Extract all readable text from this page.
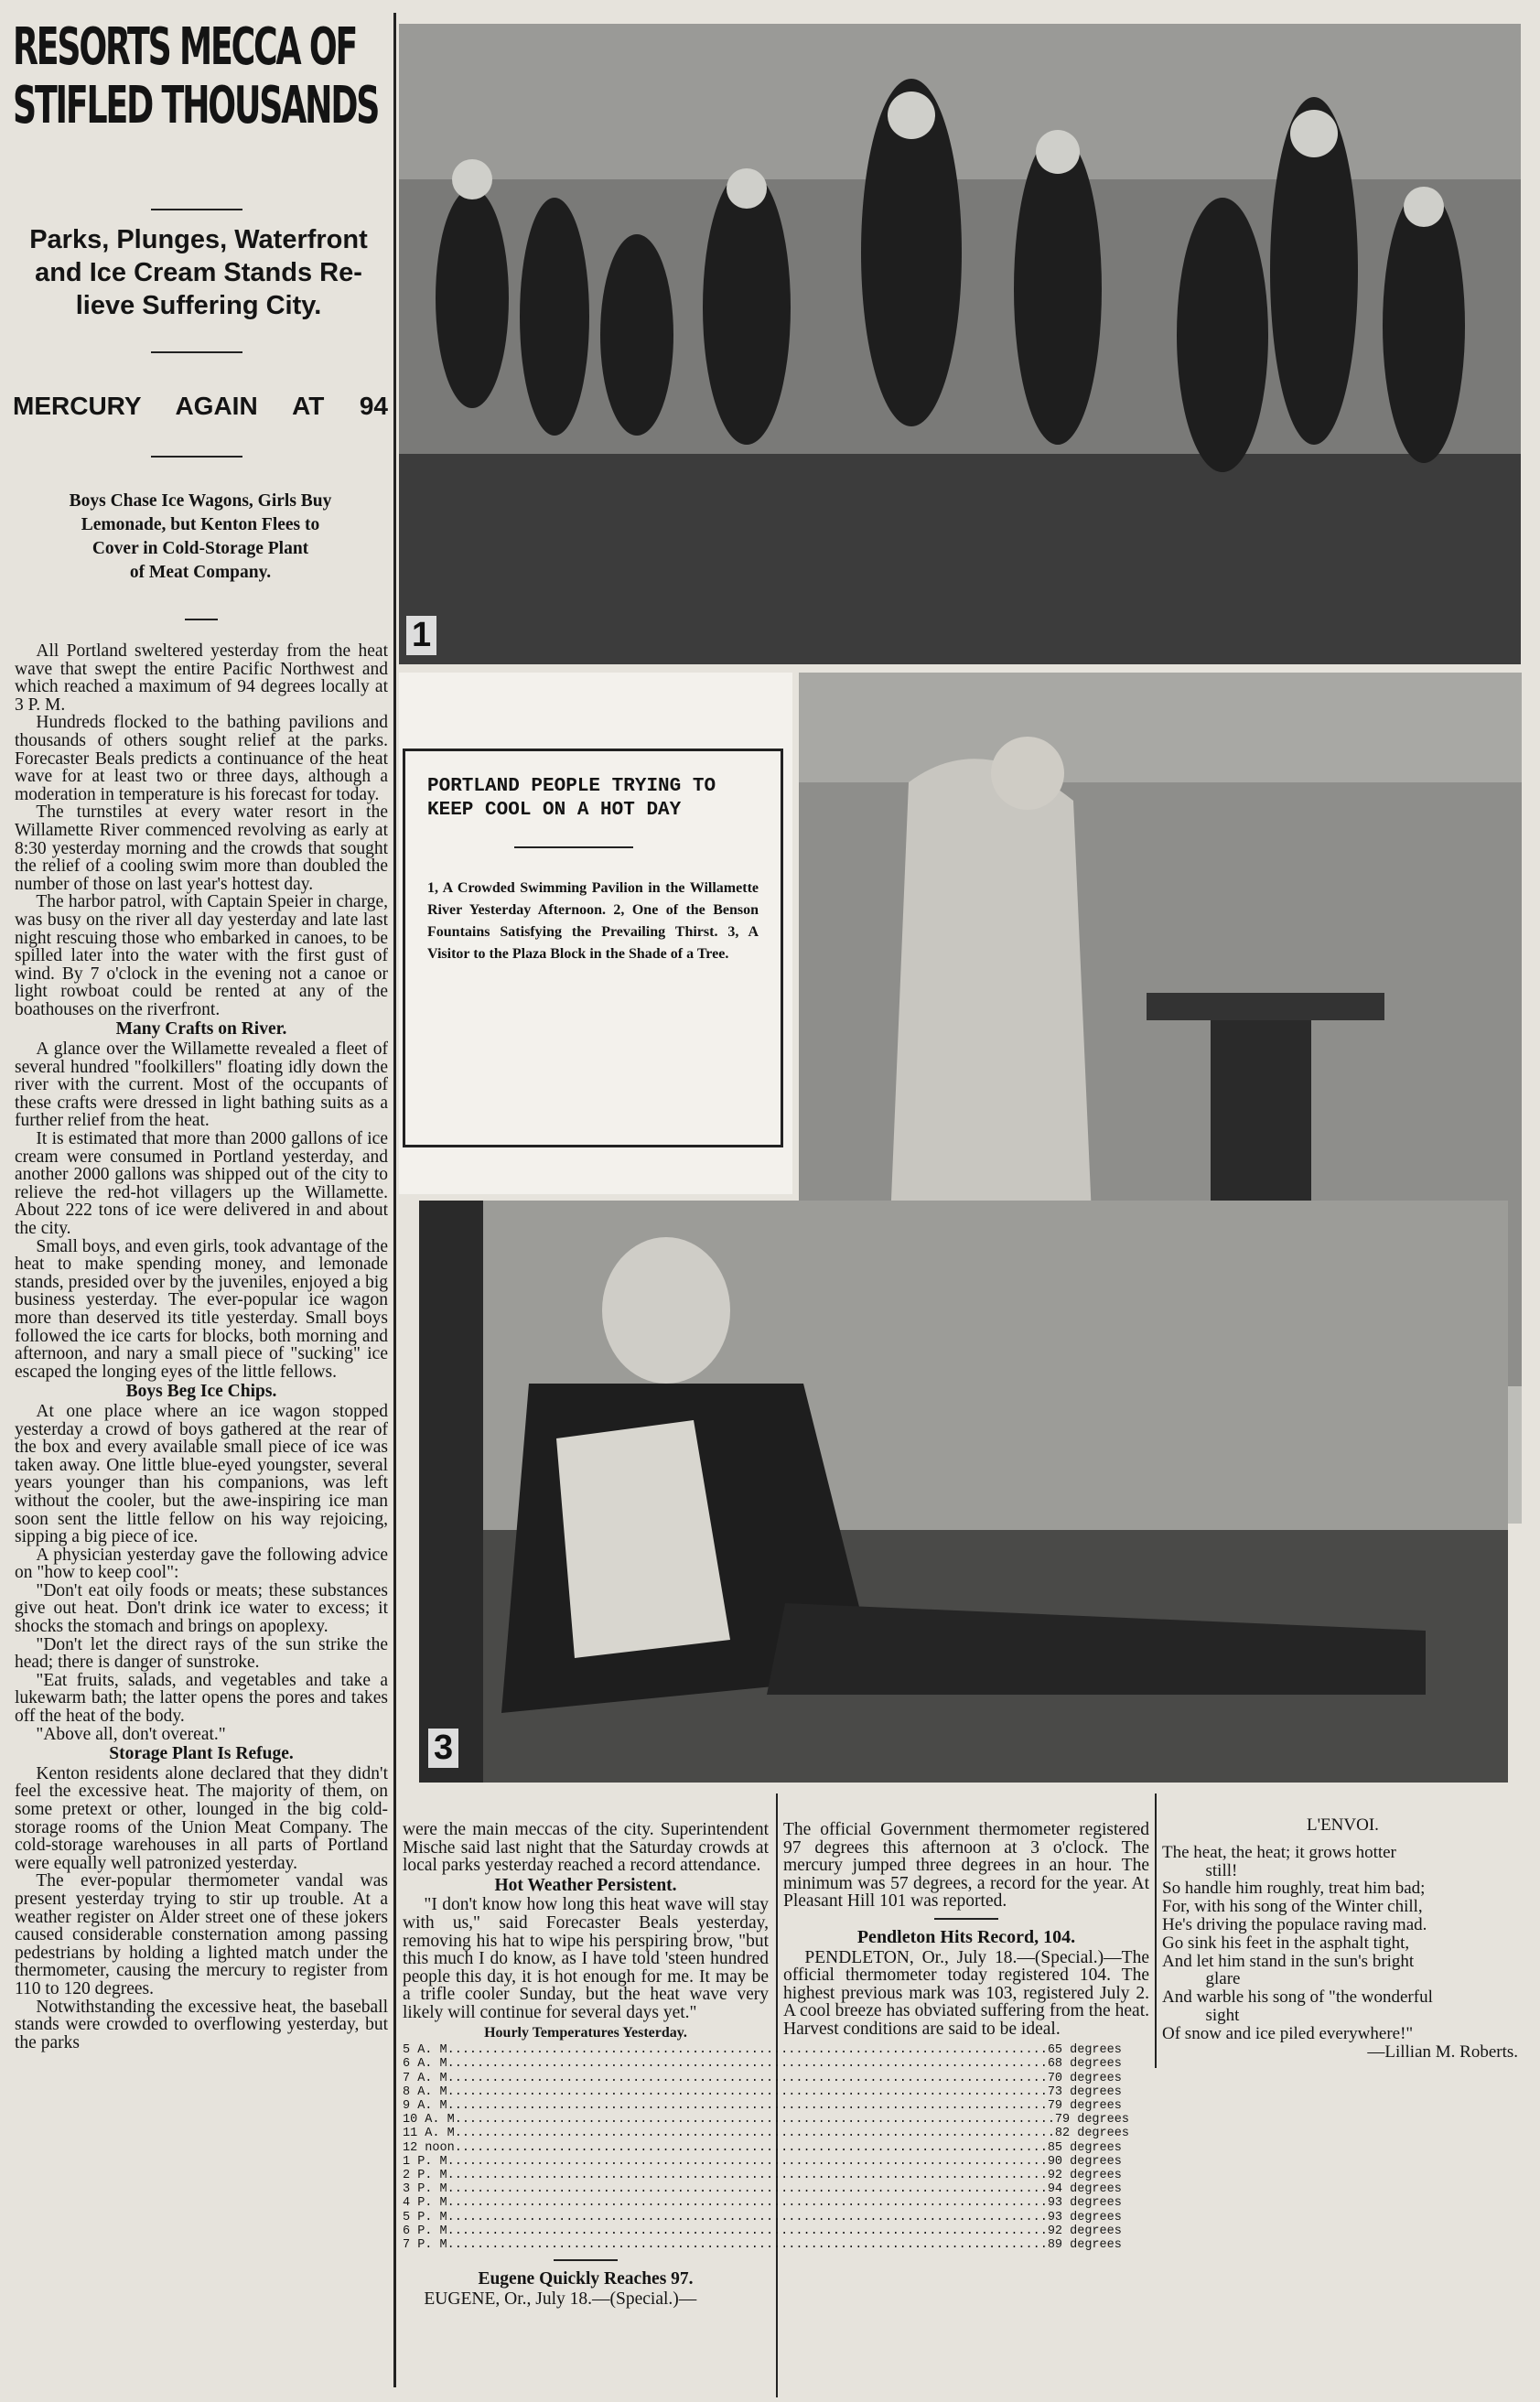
RESORTS MECCA OF
STIFLED THOUSANDS
Parks, Plunges, Waterfront
and Ice Cream Stands Re-
lieve Suffering City.
MERCURY AGAIN AT 94
Boys Chase Ice Wagons, Girls Buy
Lemonade, but Kenton Flees to
Cover in Cold-Storage Plant
of Meat Company.

All Portland sweltered yesterday from the heat wave that swept the entire Pacific Northwest and which reached a maximum of 94 degrees locally at 3 P. M.

Hundreds flocked to the bathing pavilions and thousands of others sought relief at the parks. Forecaster Beals predicts a continuance of the heat wave for at least two or three days, although a moderation in temperature is his forecast for today.

The turnstiles at every water resort in the Willamette River commenced revolving as early at 8:30 yesterday morning and the crowds that sought the relief of a cooling swim more than doubled the number of those on last year's hottest day.

The harbor patrol, with Captain Speier in charge, was busy on the river all day yesterday and late last night rescuing those who embarked in canoes, to be spilled later into the water with the first gust of wind. By 7 o'clock in the evening not a canoe or light rowboat could be rented at any of the boathouses on the riverfront.

Many Crafts on River.

A glance over the Willamette revealed a fleet of several hundred "foolkillers" floating idly down the river with the current. Most of the occupants of these crafts were dressed in light bathing suits as a further relief from the heat.

It is estimated that more than 2000 gallons of ice cream were consumed in Portland yesterday, and another 2000 gallons was shipped out of the city to relieve the red-hot villagers up the Willamette. About 222 tons of ice were delivered in and about the city.

Small boys, and even girls, took advantage of the heat to make spending money, and lemonade stands, presided over by the juveniles, enjoyed a big business yesterday. The ever-popular ice wagon more than deserved its title yesterday. Small boys followed the ice carts for blocks, both morning and afternoon, and nary a small piece of "sucking" ice escaped the longing eyes of the little fellows.

Boys Beg Ice Chips.

At one place where an ice wagon stopped yesterday a crowd of boys gathered at the rear of the box and every available small piece of ice was taken away. One little blue-eyed youngster, several years younger than his companions, was left without the cooler, but the awe-inspiring ice man soon sent the little fellow on his way rejoicing, sipping a big piece of ice.

A physician yesterday gave the following advice on "how to keep cool":

"Don't eat oily foods or meats; these substances give out heat. Don't drink ice water to excess; it shocks the stomach and brings on apoplexy.

"Don't let the direct rays of the sun strike the head; there is danger of sunstroke.

"Eat fruits, salads, and vegetables and take a lukewarm bath; the latter opens the pores and takes off the heat of the body.

"Above all, don't overeat."

Storage Plant Is Refuge.

Kenton residents alone declared that they didn't feel the excessive heat. The majority of them, on some pretext or other, lounged in the big cold-storage rooms of the Union Meat Company. The cold-storage warehouses in all parts of Portland were equally well patronized yesterday.

The ever-popular thermometer vandal was present yesterday trying to stir up trouble. At a weather register on Alder street one of these jokers caused considerable consternation among passing pedestrians by holding a lighted match under the thermometer, causing the mercury to register from 110 to 120 degrees.

Notwithstanding the excessive heat, the baseball stands were crowded to overflowing yesterday, but the parks

1
3
PORTLAND PEOPLE TRYING TO KEEP COOL ON A HOT DAY
1, A Crowded Swimming Pavilion in the Willamette River Yesterday Afternoon. 2, One of the Benson Fountains Satisfying the Prevailing Thirst. 3, A Visitor to the Plaza Block in the Shade of a Tree.

were the main meccas of the city. Superintendent Mische said last night that the Saturday crowds at local parks yesterday reached a record attendance.

Hot Weather Persistent.

"I don't know how long this heat wave will stay with us," said Forecaster Beals yesterday, removing his hat to wipe his perspiring brow, "but this much I do know, as I have told 'steen hundred people this day, it is hot enough for me. It may be a trifle cooler Sunday, but the heat wave very likely will continue for several days yet."

Hourly Temperatures Yesterday.

5 A. M. ................................................................................ 65 degrees
6 A. M. ................................................................................ 68 degrees
7 A. M. ................................................................................ 70 degrees
8 A. M. ................................................................................ 73 degrees
9 A. M. ................................................................................ 79 degrees
10 A. M. ................................................................................ 79 degrees
11 A. M. ................................................................................ 82 degrees
12 noon ................................................................................ 85 degrees
1 P. M. ................................................................................ 90 degrees
2 P. M. ................................................................................ 92 degrees
3 P. M. ................................................................................ 94 degrees
4 P. M. ................................................................................ 93 degrees
5 P. M. ................................................................................ 93 degrees
6 P. M. ................................................................................ 92 degrees
7 P. M. ................................................................................ 89 degrees

Eugene Quickly Reaches 97.

EUGENE, Or., July 18.—(Special.)—

The official Government thermometer registered 97 degrees this afternoon at 3 o'clock. The mercury jumped three degrees in an hour. The minimum was 57 degrees, a record for the year. At Pleasant Hill 101 was reported.

Pendleton Hits Record, 104.

PENDLETON, Or., July 18.—(Special.)—The official thermometer today registered 104. The highest previous mark was 103, registered July 2. A cool breeze has obviated suffering from the heat. Harvest conditions are said to be ideal.

L'ENVOI.
The heat, the heat; it grows hotter
still!
So handle him roughly, treat him bad;
For, with his song of the Winter chill,
He's driving the populace raving mad.
Go sink his feet in the asphalt tight,
And let him stand in the sun's bright
glare
And warble his song of "the wonderful
sight
Of snow and ice piled everywhere!"
—Lillian M. Roberts.
